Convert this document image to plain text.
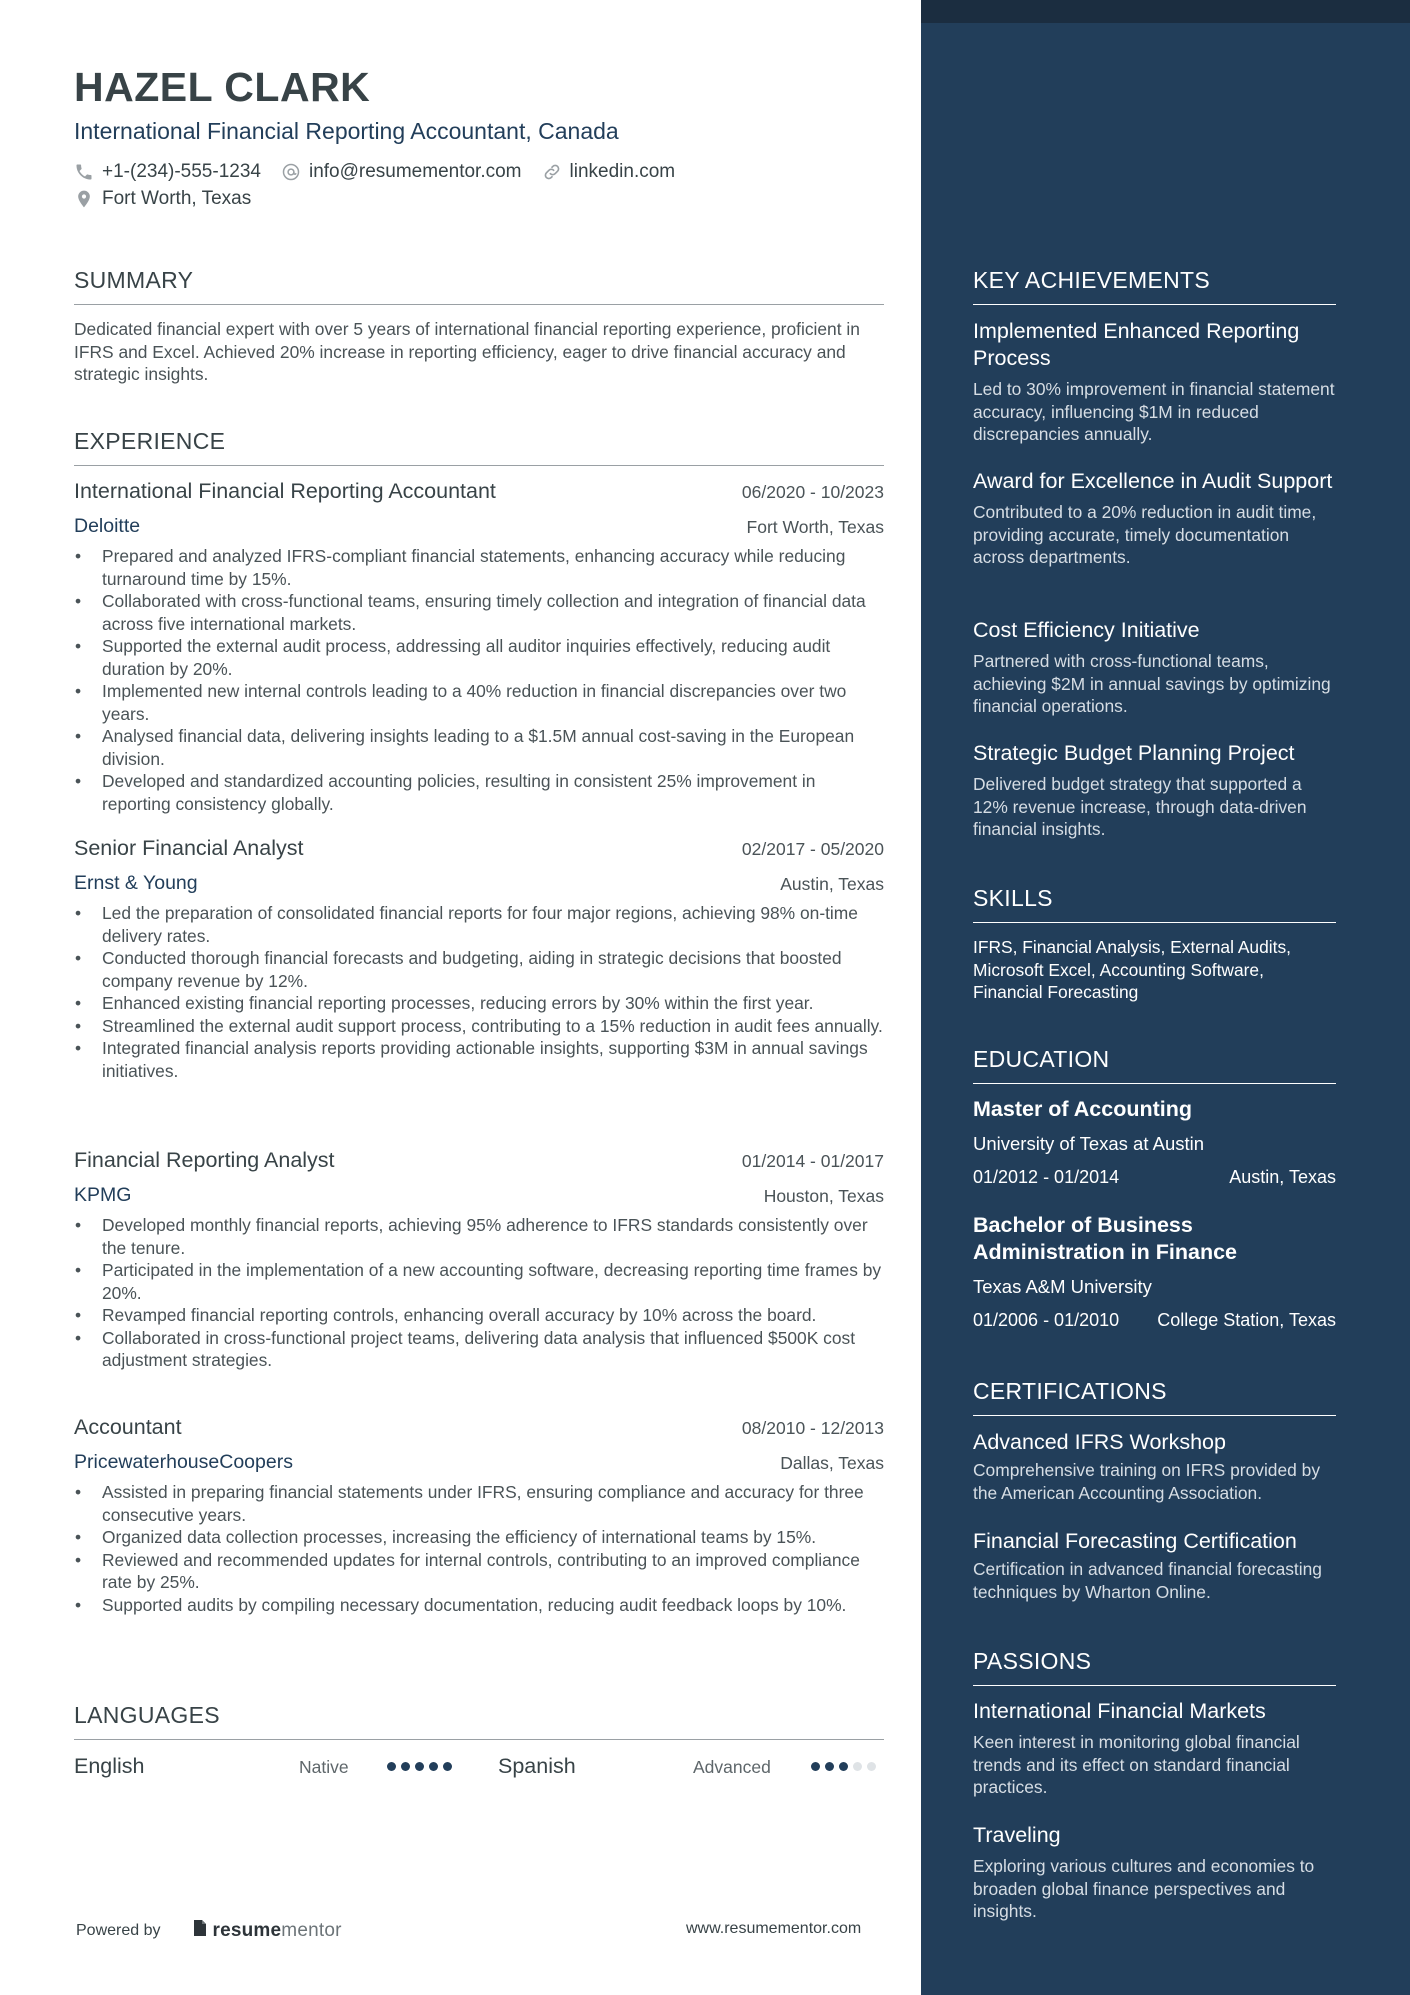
HAZEL CLARK
International Financial Reporting Accountant, Canada
+1-(234)-555-1234	info@resumementor.com	linkedin.com
Fort Worth, Texas
SUMMARY
Dedicated financial expert with over 5 years of international financial reporting experience, proficient in IFRS and Excel. Achieved 20% increase in reporting efficiency, eager to drive financial accuracy and strategic insights.
EXPERIENCE
International Financial Reporting Accountant	06/2020 - 10/2023
Deloitte	Fort Worth, Texas
• Prepared and analyzed IFRS-compliant financial statements, enhancing accuracy while reducing turnaround time by 15%.
• Collaborated with cross-functional teams, ensuring timely collection and integration of financial data across five international markets.
• Supported the external audit process, addressing all auditor inquiries effectively, reducing audit duration by 20%.
• Implemented new internal controls leading to a 40% reduction in financial discrepancies over two years.
• Analysed financial data, delivering insights leading to a $1.5M annual cost-saving in the European division.
• Developed and standardized accounting policies, resulting in consistent 25% improvement in reporting consistency globally.
Senior Financial Analyst	02/2017 - 05/2020
Ernst & Young	Austin, Texas
• Led the preparation of consolidated financial reports for four major regions, achieving 98% on-time delivery rates.
• Conducted thorough financial forecasts and budgeting, aiding in strategic decisions that boosted company revenue by 12%.
• Enhanced existing financial reporting processes, reducing errors by 30% within the first year.
• Streamlined the external audit support process, contributing to a 15% reduction in audit fees annually.
• Integrated financial analysis reports providing actionable insights, supporting $3M in annual savings initiatives.
Financial Reporting Analyst	01/2014 - 01/2017
KPMG	Houston, Texas
• Developed monthly financial reports, achieving 95% adherence to IFRS standards consistently over the tenure.
• Participated in the implementation of a new accounting software, decreasing reporting time frames by 20%.
• Revamped financial reporting controls, enhancing overall accuracy by 10% across the board.
• Collaborated in cross-functional project teams, delivering data analysis that influenced $500K cost adjustment strategies.
Accountant	08/2010 - 12/2013
PricewaterhouseCoopers	Dallas, Texas
• Assisted in preparing financial statements under IFRS, ensuring compliance and accuracy for three consecutive years.
• Organized data collection processes, increasing the efficiency of international teams by 15%.
• Reviewed and recommended updates for internal controls, contributing to an improved compliance rate by 25%.
• Supported audits by compiling necessary documentation, reducing audit feedback loops by 10%.
LANGUAGES
English	Native	Spanish	Advanced
Powered by	resumementor	www.resumementor.com
KEY ACHIEVEMENTS
Implemented Enhanced Reporting Process
Led to 30% improvement in financial statement accuracy, influencing $1M in reduced discrepancies annually.
Award for Excellence in Audit Support
Contributed to a 20% reduction in audit time, providing accurate, timely documentation across departments.
Cost Efficiency Initiative
Partnered with cross-functional teams, achieving $2M in annual savings by optimizing financial operations.
Strategic Budget Planning Project
Delivered budget strategy that supported a 12% revenue increase, through data-driven financial insights.
SKILLS
IFRS, Financial Analysis, External Audits, Microsoft Excel, Accounting Software, Financial Forecasting
EDUCATION
Master of Accounting
University of Texas at Austin
01/2012 - 01/2014	Austin, Texas
Bachelor of Business Administration in Finance
Texas A&M University
01/2006 - 01/2010 College Station, Texas
CERTIFICATIONS
Advanced IFRS Workshop
Comprehensive training on IFRS provided by the American Accounting Association.
Financial Forecasting Certification
Certification in advanced financial forecasting techniques by Wharton Online.
PASSIONS
International Financial Markets
Keen interest in monitoring global financial trends and its effect on standard financial practices.
Traveling
Exploring various cultures and economies to broaden global finance perspectives and insights.
